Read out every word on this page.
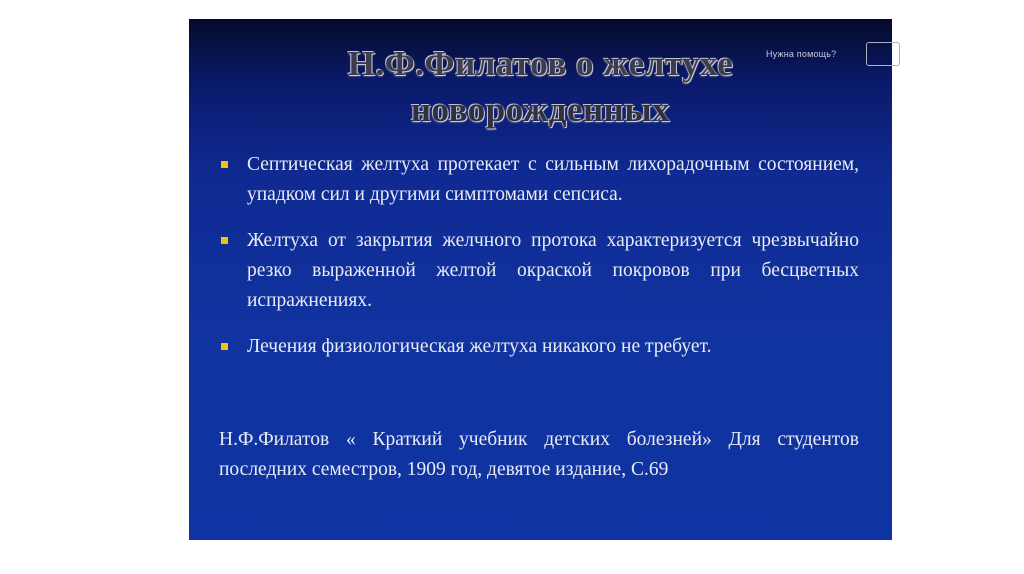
Н.Ф.Филатов о желтухе
новорожденных
Септическая желтуха протекает с сильным лихорадочным состоянием, упадком сил и другими симптомами сепсиса.
Желтуха от закрытия желчного протока характеризуется чрезвычайно резко выраженной желтой окраской покровов при бесцветных испражнениях.
Лечения физиологическая желтуха никакого не требует.
Н.Ф.Филатов « Краткий учебник детских болезней» Для студентов последних семестров, 1909 год, девятое издание, С.69
Нужна помощь?
